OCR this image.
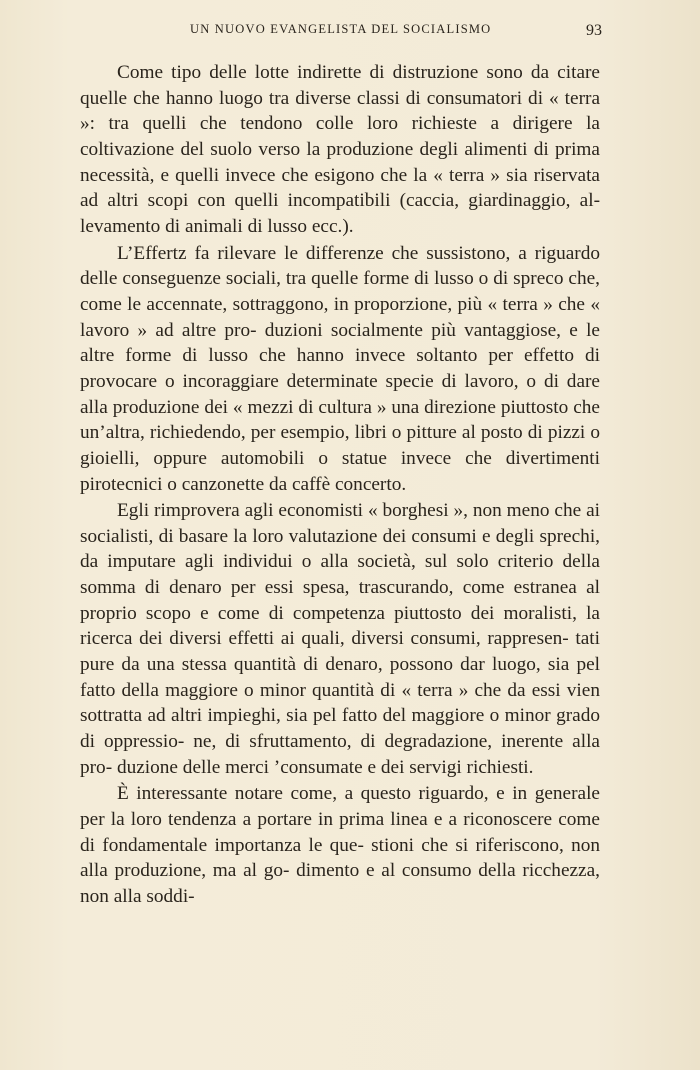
UN NUOVO EVANGELISTA DEL SOCIALISMO	93

Come tipo delle lotte indirette di distruzione sono da citare quelle che hanno luogo tra diverse classi di consumatori di « terra »: tra quelli che tendono colle loro richieste a dirigere la coltivazione del suolo verso la produzione degli alimenti di prima necessità, e quelli invece che esigono che la « terra » sia riservata ad altri scopi con quelli incompatibili (caccia, giardinaggio, al- levamento di animali di lusso ecc.).

L’Effertz fa rilevare le differenze che sussistono, a riguardo delle conseguenze sociali, tra quelle forme di lusso o di spreco che, come le accennate, sottraggono, in proporzione, più « terra » che « lavoro » ad altre pro- duzioni socialmente più vantaggiose, e le altre forme di lusso che hanno invece soltanto per effetto di provocare o incoraggiare determinate specie di lavoro, o di dare alla produzione dei « mezzi di cultura » una direzione piuttosto che un’altra, richiedendo, per esempio, libri o pitture al posto di pizzi o gioielli, oppure automobili o statue invece che divertimenti pirotecnici o canzonette da caffè concerto.

Egli rimprovera agli economisti « borghesi », non meno che ai socialisti, di basare la loro valutazione dei consumi e degli sprechi, da imputare agli individui o alla società, sul solo criterio della somma di denaro per essi spesa, trascurando, come estranea al proprio scopo e come di competenza piuttosto dei moralisti, la ricerca dei diversi effetti ai quali, diversi consumi, rappresen- tati pure da una stessa quantità di denaro, possono dar luogo, sia pel fatto della maggiore o minor quantità di « terra » che da essi vien sottratta ad altri impieghi, sia pel fatto del maggiore o minor grado di oppressio- ne, di sfruttamento, di degradazione, inerente alla pro- duzione delle merci ’consumate e dei servigi richiesti.

È interessante notare come, a questo riguardo, e in generale per la loro tendenza a portare in prima linea e a riconoscere come di fondamentale importanza le que- stioni che si riferiscono, non alla produzione, ma al go- dimento e al consumo della ricchezza, non alla soddi-
